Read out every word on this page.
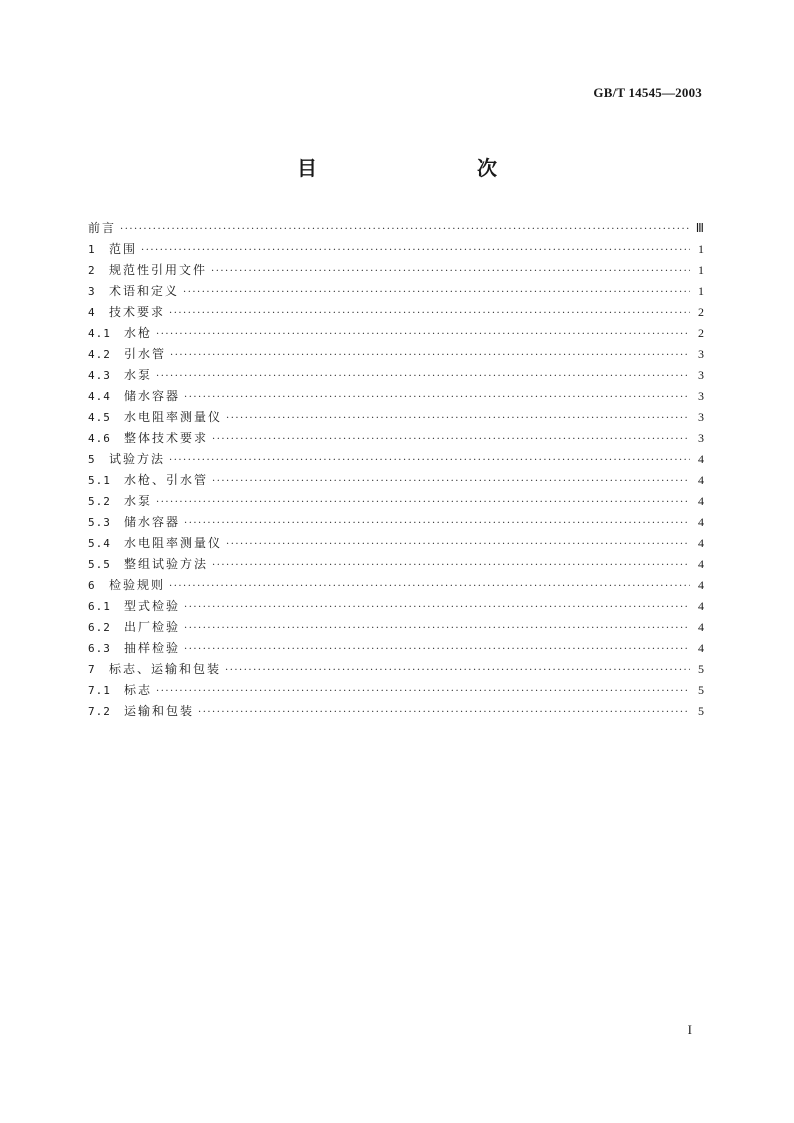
GB/T 14545—2003
目　　次
前言 ·····	Ⅲ
1	范围 ·····	1
2	规范性引用文件 ·····	1
3	术语和定义 ·····	1
4	技术要求 ·····	2
4.1	水枪 ·····	2
4.2	引水管 ·····	3
4.3	水泵 ·····	3
4.4	储水容器 ·····	3
4.5	水电阻率测量仪 ·····	3
4.6	整体技术要求 ·····	3
5	试验方法 ·····	4
5.1	水枪、引水管 ·····	4
5.2	水泵 ·····	4
5.3	储水容器 ·····	4
5.4	水电阻率测量仪 ·····	4
5.5	整组试验方法 ·····	4
6	检验规则 ·····	4
6.1	型式检验 ·····	4
6.2	出厂检验 ·····	4
6.3	抽样检验 ·····	4
7	标志、运输和包装 ·····	5
7.1	标志 ·····	5
7.2	运输和包装 ·····	5
I
